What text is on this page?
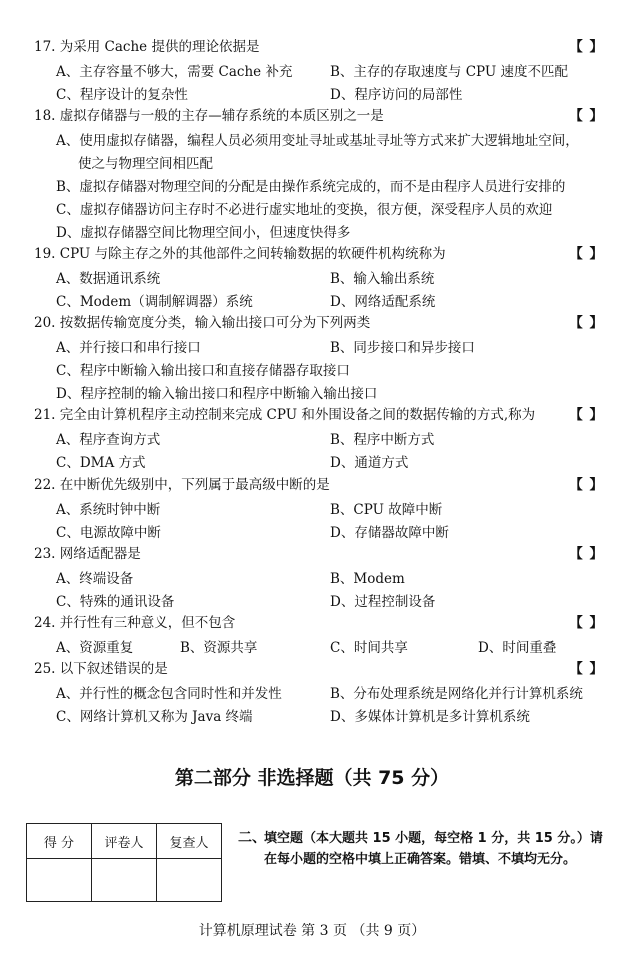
17. 为采用 Cache 提供的理论依据是	【 】
A、主存容量不够大，需要 Cache 补充	B、主存的存取速度与 CPU 速度不匹配
C、程序设计的复杂性	D、程序访问的局部性
18. 虚拟存储器与一般的主存—辅存系统的本质区别之一是	【 】
A、使用虚拟存储器，编程人员必须用变址寻址或基址寻址等方式来扩大逻辑地址空间，
使之与物理空间相匹配
B、虚拟存储器对物理空间的分配是由操作系统完成的，而不是由程序人员进行安排的
C、虚拟存储器访问主存时不必进行虚实地址的变换，很方便，深受程序人员的欢迎
D、虚拟存储器空间比物理空间小，但速度快得多
19. CPU 与除主存之外的其他部件之间转输数据的软硬件机构统称为	【 】
A、数据通讯系统	B、输入输出系统
C、Modem（调制解调器）系统	D、网络适配系统
20. 按数据传输宽度分类，输入输出接口可分为下列两类	【 】
A、并行接口和串行接口	B、同步接口和异步接口
C、程序中断输入输出接口和直接存储器存取接口
D、程序控制的输入输出接口和程序中断输入输出接口
21. 完全由计算机程序主动控制来完成 CPU 和外围设备之间的数据传输的方式,称为	【 】
A、程序查询方式	B、程序中断方式
C、DMA 方式	D、通道方式
22. 在中断优先级别中，下列属于最高级中断的是	【 】
A、系统时钟中断	B、CPU 故障中断
C、电源故障中断	D、存储器故障中断
23. 网络适配器是	【 】
A、终端设备	B、Modem
C、特殊的通讯设备	D、过程控制设备
24. 并行性有三种意义，但不包含	【 】
A、资源重复	B、资源共享	C、时间共享	D、时间重叠
25. 以下叙述错误的是	【 】
A、并行性的概念包含同时性和并发性	B、分布处理系统是网络化并行计算机系统
C、网络计算机又称为 Java 终端	D、多媒体计算机是多计算机系统
第二部分 非选择题（共 75 分）
得 分	评卷人	复查人
		二、
填空题（本大题共 15 小题，每空格 1 分，共 15 分。）请在每小题的空格中填上正确答案。错填、不填均无分。
计算机原理试卷 第 3 页 （共 9 页）
